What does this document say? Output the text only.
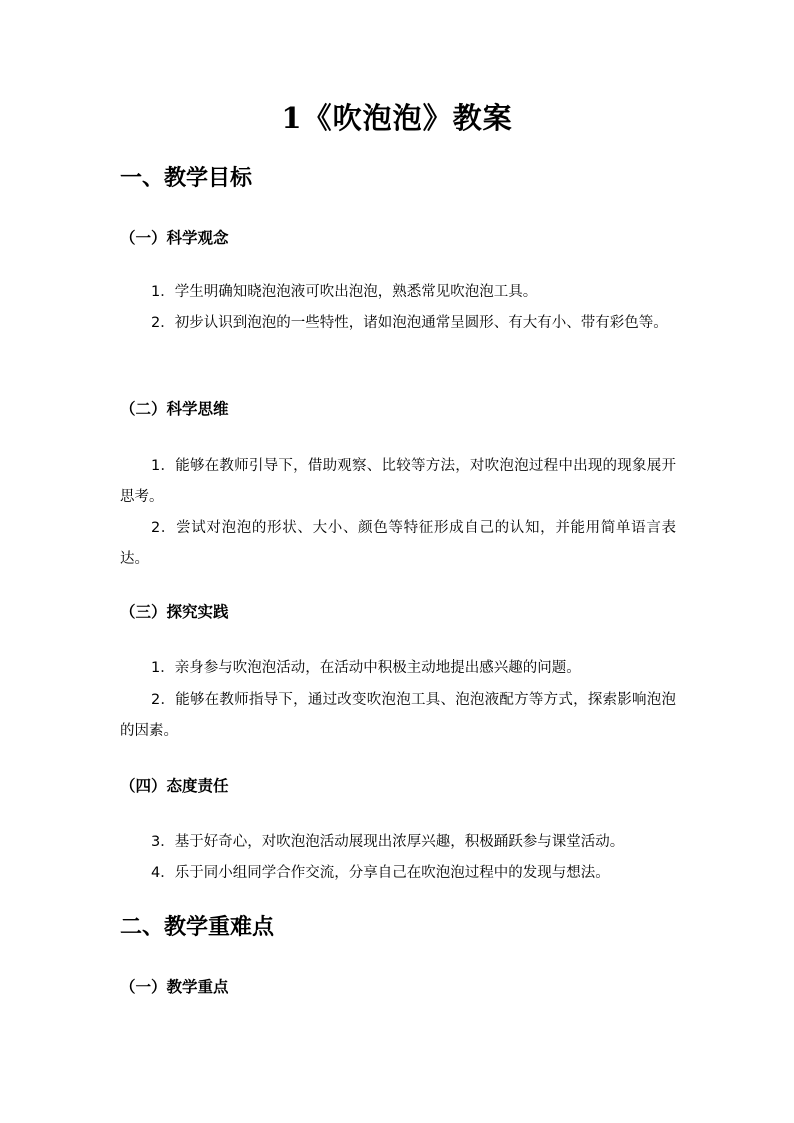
1《吹泡泡》教案
一、教学目标
（一）科学观念
1．学生明确知晓泡泡液可吹出泡泡，熟悉常见吹泡泡工具。
2．初步认识到泡泡的一些特性，诸如泡泡通常呈圆形、有大有小、带有彩色等。
（二）科学思维
1．能够在教师引导下，借助观察、比较等方法，对吹泡泡过程中出现的现象展开思考。
2．尝试对泡泡的形状、大小、颜色等特征形成自己的认知，并能用简单语言表达。
（三）探究实践
1．亲身参与吹泡泡活动，在活动中积极主动地提出感兴趣的问题。
2．能够在教师指导下，通过改变吹泡泡工具、泡泡液配方等方式，探索影响泡泡的因素。
（四）态度责任
3．基于好奇心，对吹泡泡活动展现出浓厚兴趣，积极踊跃参与课堂活动。
4．乐于同小组同学合作交流，分享自己在吹泡泡过程中的发现与想法。
二、教学重难点
（一）教学重点
